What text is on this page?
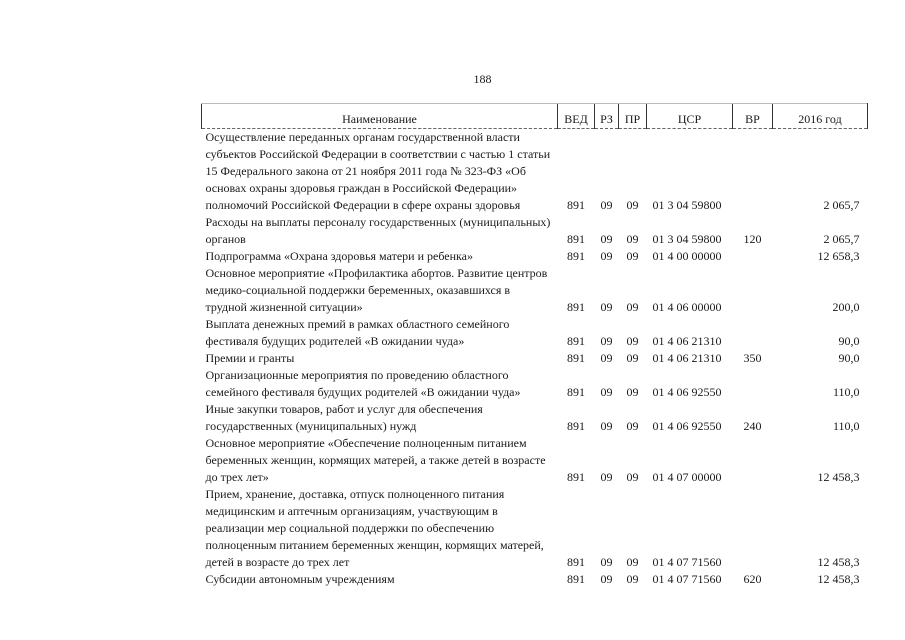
188
Наименование	ВЕД	РЗ	ПР	ЦСР	ВР	2016 год

Осуществление переданных органам государственной власти субъектов Российской Федерации в соответствии с частью 1 статьи 15 Федерального закона от 21 ноября 2011 года № 323-ФЗ «Об основах охраны здоровья граждан в Российской Федерации» полномочий Российской Федерации в сфере охраны здоровья	891	09	09	01 3 04 59800		2 065,7

Расходы на выплаты персоналу государственных (муниципальных) органов	891	09	09	01 3 04 59800	120	2 065,7

Подпрограмма «Охрана здоровья матери и ребенка»	891	09	09	01 4 00 00000		12 658,3

Основное мероприятие «Профилактика абортов. Развитие центров медико-социальной поддержки беременных, оказавшихся в трудной жизненной ситуации»	891	09	09	01 4 06 00000		200,0

Выплата денежных премий в рамках областного семейного фестиваля будущих родителей «В ожидании чуда»	891	09	09	01 4 06 21310		90,0

Премии и гранты	891	09	09	01 4 06 21310	350	90,0

Организационные мероприятия по проведению областного семейного фестиваля будущих родителей «В ожидании чуда»	891	09	09	01 4 06 92550		110,0

Иные закупки товаров, работ и услуг для обеспечения государственных (муниципальных) нужд	891	09	09	01 4 06 92550	240	110,0

Основное мероприятие «Обеспечение полноценным питанием беременных женщин, кормящих матерей, а также детей в возрасте до трех лет»	891	09	09	01 4 07 00000		12 458,3

Прием, хранение, доставка, отпуск полноценного питания медицинским и аптечным организациям, участвующим в реализации мер социальной поддержки по обеспечению полноценным питанием беременных женщин, кормящих матерей, детей в возрасте до трех лет	891	09	09	01 4 07 71560		12 458,3

Субсидии автономным учреждениям	891	09	09	01 4 07 71560	620	12 458,3
